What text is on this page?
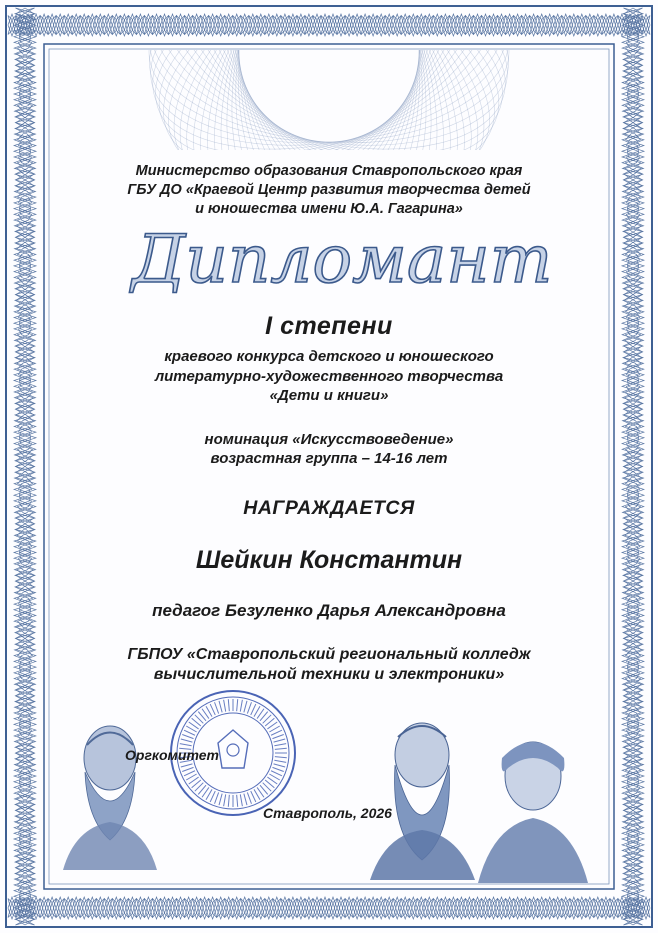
Министерство образования Ставропольского края
ГБУ ДО «Краевой Центр развития творчества детей
и юношества имени Ю.А. Гагарина»
Дипломант
I степени
краевого конкурса детского и юношеского
литературно-художественного творчества
«Дети и книги»
номинация «Искусствоведение»
возрастная группа – 14-16 лет
НАГРАЖДАЕТСЯ
Шейкин Константин
педагог Безуленко Дарья Александровна
ГБПОУ «Ставропольский региональный колледж
вычислительной техники и электроники»
Оргкомитет
Ставрополь, 2026
